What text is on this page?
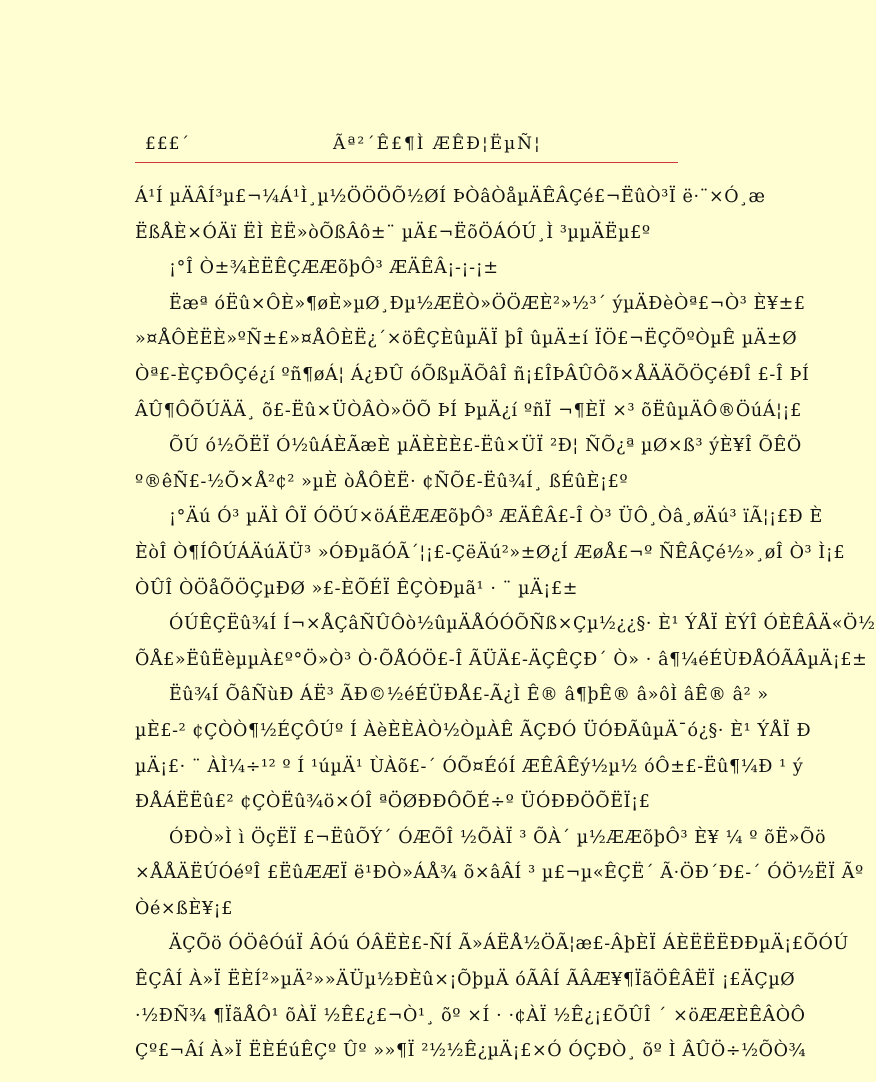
£££´	Ãª²´Ê£¶Ì ÆÊÐ¦ËµÑ¦
Á¹Í µÄÂÍ³µ£¬¼Á¹Ì¸µ½ÖÖÖÕ½ØÍ ÞÒâÒåµÄÊÂÇé£¬ËûÒ³Ï ë·¨×Ó¸æ
ËßÅÈ×ÓÄï ËÌ ÈË»òÕßÂô±¨ µÄ£¬ËõÖÁÓÚ¸Ì ³µµÄËµ£º
¡°Î Ò±¾ÈËÊÇÆÆõþÔ³ ÆÄÊÂ¡-¡-¡±
Ëæª óËû×ÔÈ»¶øÈ»µØ¸Ðµ½ÆËÒ»ÖÖÆÈ²»½³´ ýµÄÐèÒª£¬Ò³ È¥±£
»¤ÅÔÈËÈ»ºÑ±£»¤ÅÔÈË¿´×öÊÇÈûµÄÏ þÎ ûµÄ±í ÏÖ£¬ËÇÕºÒµÊ µÄ±Ø
Òª£-ÈÇÐÔÇé¿í ºñ¶øÁ¦ Á¿ÐÛ óÕßµÄÕâÎ ñ¡£ÎÞÂÛÔõ×ÅÄÄÕÖÇéÐÎ £-Î ÞÍ
ÂÛ¶ÔÕÚÄÄ¸ õ£-Ëû×ÜÒÂÒ»ÖÕ ÞÍ ÞµÄ¿í ºñÏ ¬¶ÈÏ ×³ õËûµÄÔ®ÖúÁ¦¡£
ÕÚ ó½ÕËÏ Ó½ûÁÈÃæÈ µÄÈÈÈ£-Ëû×ÜÏ ²Ð¦ ÑÕ¿ª µØ×ß³ ýÈ¥Î ÕÊÖ
º®êÑ£-½Õ×Å²¢² »µÈ òÅÔÈË· ¢ÑÕ£-Ëû¾Í¸ ßÉûÈ¡£º
¡°Äú Ó³ µÄÌ ÔÏ ÓÖÚ×öÁËÆÆõþÔ³ ÆÄÊÂ£-Î Ò³ ÜÔ¸Òâ¸øÄú³ ïÃ¦¡£Ð È
ÈòÎ Ò¶ÍÔÚÁÄúÄÜ³ »ÓÐµãÓÃ´¦¡£-ÇëÄú²»±Ø¿Í ÆøÅ£¬º ÑÊÂÇé½»¸øÎ Ò³ Ì¡£
ÒÛÎ ÒÖåÕÖÇµÐØ »£-ÈÕÉÏ ÊÇÒÐµã¹ · ¨ µÄ¡£±
ÓÚÊÇËû¾Í Í¬×ÅÇâÑÛÔò½ûµÄÅÓÓÕÑß×Çµ½¿¿§· È¹ ÝÅÏ ÈÝÎ ÓÈÊÂÄ«Ö½
ÕÅ£»ËûËèµµÀ£º°Ö»Ò³ Ò·ÕÅÓÖ£-Î ÃÜÄ£-ÄÇÊÇÐ´ Ò» · â¶¼éÉÙÐÅÓÃÂµÄ¡£±
Ëû¾Í ÕâÑùÐ ÁË³ ÃÐ©½éÉÜÐÅ£-Ã¿Ì Ê® â¶þÊ® â»ôÌ âÊ® â² »
µÈ£-² ¢ÇÒÒ¶½ÉÇÔÚº Í ÀèÈÈÀÒ½ÒµÀÊ ÃÇÐÓ ÜÓÐÃûµÄ¯ó¿§· È¹ ÝÅÏ Ð
µÄ¡£· ¨ ÀÌ¼÷¹² º Í ¹úµÄ¹ ÙÀõ£-´ ÓÕ¤ÉóÍ ÆÊÂÊý½µ½ óÔ±£-Ëû¶¼Ð ¹ ý
ÐÅÁËËû£² ¢ÇÒËû¾ö×ÓÎ ªÖØÐÐÔÕÉ÷º ÜÓÐÐÖÕËÏ¡£
ÓÐÒ»Ì ì ÖçËÏ £¬ËûÕÝ´ ÓÆÕÎ ½ÕÀÏ ³ ÕÀ´ µ½ÆÆõþÔ³ È¥ ¼ º õË»Õö
×ÅÅÄËÚÓéºÎ £ËûÆÆÏ ë¹ÐÒ»ÁÅ¾ õ×âÂÍ ³ µ£¬µ«ÊÇË´ Ã·ÖÐ´Ð£-´ ÓÖ½ËÏ Ãº
Òé×ßÈ¥¡£
ÄÇÕö ÓÖêÓúÏ ÂÓú ÓÂËÈ£-ÑÍ Ã»ÁËÅ½ÖÃ¦æ£-ÂþÈÏ ÁÈËËËÐÐµÄ¡£ÕÓÚ
ÊÇÂÍ À»Ï ËÈÍ²»µÄ²»»ÄÜµ½ÐÈû×¡ÕþµÄ óÃÂÍ ÃÂÆ¥¶ÏãÖÊÂËÏ ¡£ÄÇµØ
·½ÐÑ¾ ¶ÏãÅÔ¹ õÀÏ ½Ê£¿£¬Ò¹¸ õº ×Í · ·¢ÀÏ ½Ê¿¡£ÕÛÎ ´ ×öÆÆÈÊÂÒÔ
Çº£¬Âí À»Ï ËÈÉúÊÇº Ûº »»¶Ï ²½½Ê¿µÄ¡£×Ó ÓÇÐÒ¸ õº Ì ÂÛÖ÷½ÕÒ¾
